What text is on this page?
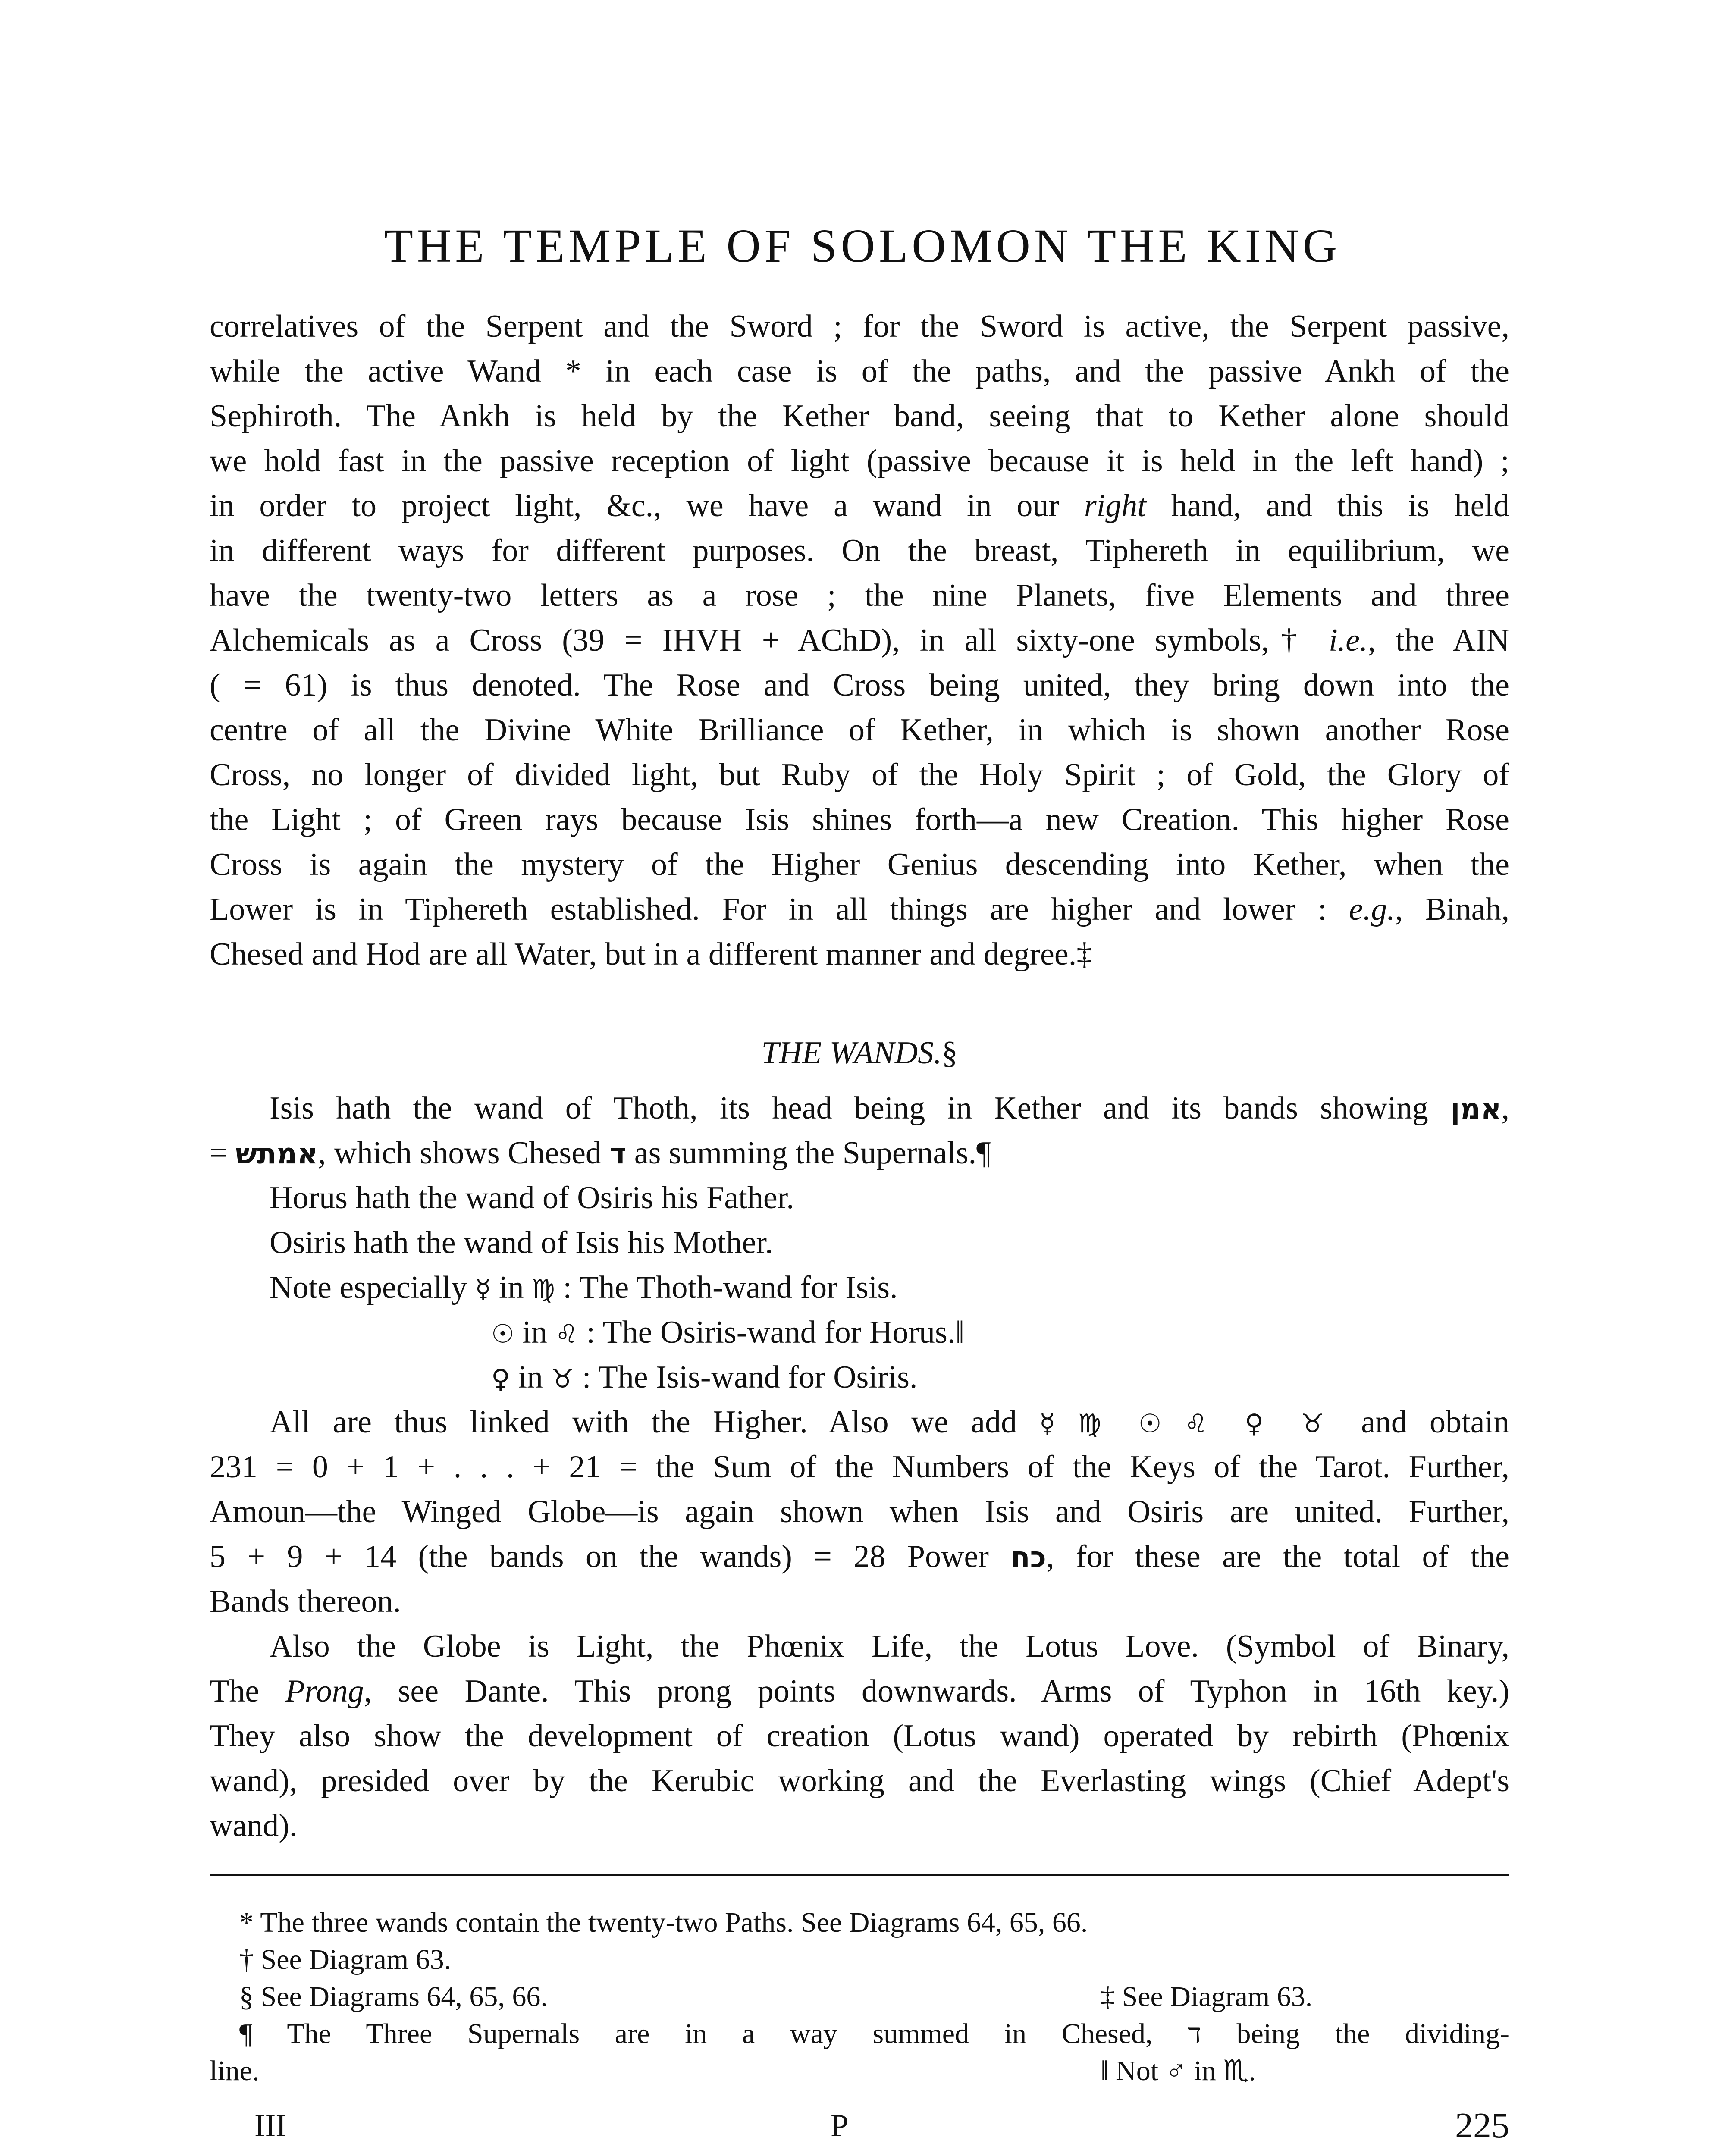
THE TEMPLE OF SOLOMON THE KING
correlatives of the Serpent and the Sword ; for the Sword is active, the Serpent passive,
while the active Wand * in each case is of the paths, and the passive Ankh of the
Sephiroth. The Ankh is held by the Kether band, seeing that to Kether alone should
we hold fast in the passive reception of light (passive because it is held in the left hand) ;
in order to project light, &c., we have a wand in our right hand, and this is held
in different ways for different purposes. On the breast, Tiphereth in equilibrium, we
have the twenty-two letters as a rose ; the nine Planets, five Elements and three
Alchemicals as a Cross (39 = IHVH + AChD), in all sixty-one symbols,† i.e., the AIN
( = 61) is thus denoted. The Rose and Cross being united, they bring down into the
centre of all the Divine White Brilliance of Kether, in which is shown another Rose
Cross, no longer of divided light, but Ruby of the Holy Spirit ; of Gold, the Glory of
the Light ; of Green rays because Isis shines forth—a new Creation. This higher Rose
Cross is again the mystery of the Higher Genius descending into Kether, when the
Lower is in Tiphereth established. For in all things are higher and lower : e.g., Binah,
Chesed and Hod are all Water, but in a different manner and degree.‡
THE WANDS.§
Isis hath the wand of Thoth, its head being in Kether and its bands showing אמן,
= אמתש, which shows Chesed ד as summing the Supernals.¶
Horus hath the wand of Osiris his Father.
Osiris hath the wand of Isis his Mother.
Note especially ☿ in ♍︎ : The Thoth-wand for Isis.
☉ in ♌︎ : The Osiris-wand for Horus.‖
♀ in ♉︎ : The Isis-wand for Osiris.
All are thus linked with the Higher. Also we add ☿ ♍︎ ☉ ♌︎ ♀ ♉︎ and obtain
231 = 0 + 1 + . . . + 21 = the Sum of the Numbers of the Keys of the Tarot. Further,
Amoun—the Winged Globe—is again shown when Isis and Osiris are united. Further,
5 + 9 + 14 (the bands on the wands) = 28 Power כח, for these are the total of the
Bands thereon.
Also the Globe is Light, the Phœnix Life, the Lotus Love. (Symbol of Binary,
The Prong, see Dante. This prong points downwards. Arms of Typhon in 16th key.)
They also show the development of creation (Lotus wand) operated by rebirth (Phœnix
wand), presided over by the Kerubic working and the Everlasting wings (Chief Adept's
wand).
* The three wands contain the twenty-two Paths. See Diagrams 64, 65, 66.
† See Diagram 63.
§ See Diagrams 64, 65, 66.	‡ See Diagram 63.
¶ The Three Supernals are in a way summed in Chesed, ד being the dividing-
line.	‖ Not ♂ in ♏︎.
III	P	225
